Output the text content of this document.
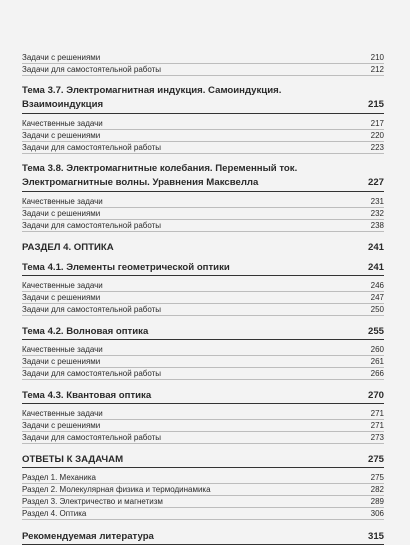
Задачи с решениями	210
Задачи для самостоятельной работы	212
Тема 3.7. Электромагнитная индукция. Самоиндукция.
Взаимоиндукция	215
Качественные задачи	217
Задачи с решениями	220
Задачи для самостоятельной работы	223
Тема 3.8. Электромагнитные колебания. Переменный ток.
Электромагнитные волны. Уравнения Максвелла	227
Качественные задачи	231
Задачи с решениями	232
Задачи для самостоятельной работы	238
РАЗДЕЛ 4. ОПТИКА	241
Тема 4.1. Элементы геометрической оптики	241
Качественные задачи	246
Задачи с решениями	247
Задачи для самостоятельной работы	250
Тема 4.2. Волновая оптика	255
Качественные задачи	260
Задачи с решениями	261
Задачи для самостоятельной работы	266
Тема 4.3. Квантовая оптика	270
Качественные задачи	271
Задачи с решениями	271
Задачи для самостоятельной работы	273
ОТВЕТЫ К ЗАДАЧАМ	275
Раздел 1. Механика	275
Раздел 2. Молекулярная физика и термодинамика	282
Раздел 3. Электричество и магнетизм	289
Раздел 4. Оптика	306
Рекомендуемая литература	315
